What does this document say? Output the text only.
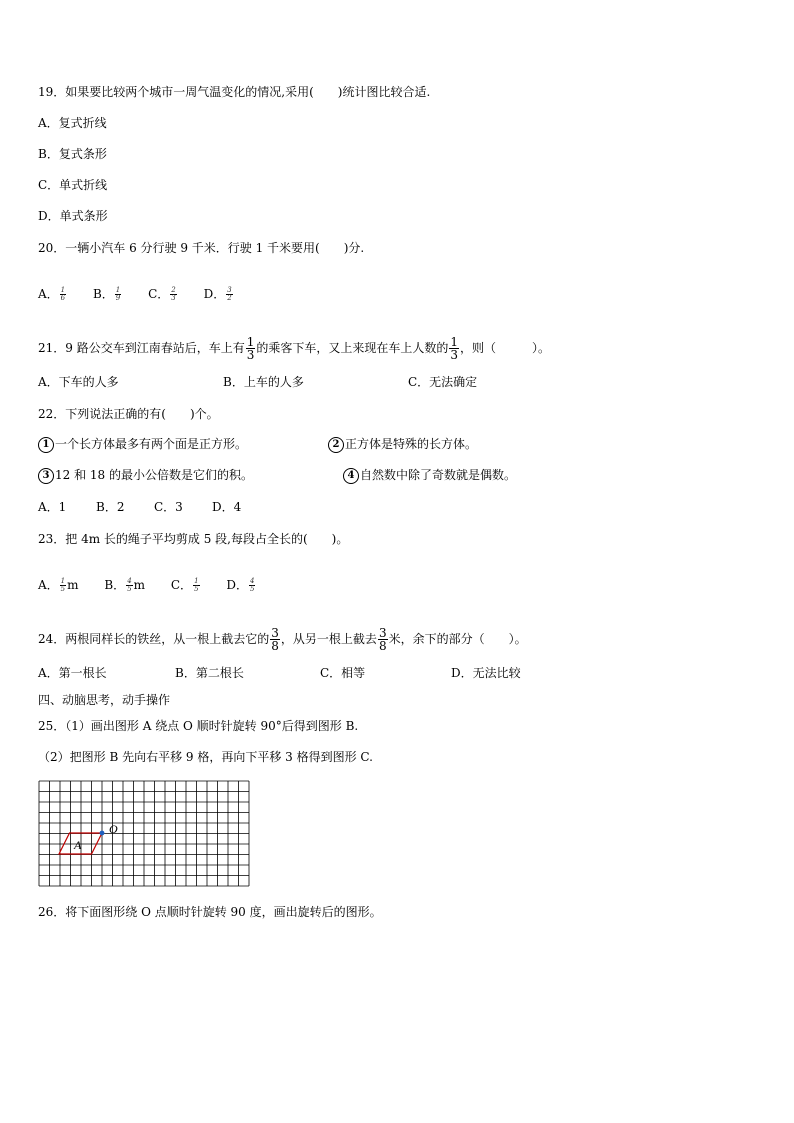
19．如果要比较两个城市一周气温变化的情况,采用(　　)统计图比较合适.
A．复式折线
B．复式条形
C．单式折线
D．单式条形
20．一辆小汽车 6 分行驶 9 千米．行驶 1 千米要用(　　)分.
A． $\frac{1}{6}$ B． $\frac{1}{9}$ C． $\frac{2}{3}$ D． $\frac{3}{2}$
21．9 路公交车到江南春站后，车上有 $\frac{1}{3}$ 的乘客下车，又上来现在车上人数的 $\frac{1}{3}$ ，则（　　　）。
A．下车的人多	B．上车的人多	C．无法确定
22．下列说法正确的有(　　)个。
1 一个长方体最多有两个面是正方形。	2 正方体是特殊的长方体。
3 12 和 18 的最小公倍数是它们的积。	4 自然数中除了奇数就是偶数。
A．1 B．2 C．3 D．4
23．把 4m 长的绳子平均剪成 5 段,每段占全长的(　　)。
A． $\frac{1}{5}$ m B． $\frac{4}{5}$ m C． $\frac{1}{5}$ D． $\frac{4}{5}$
24．两根同样长的铁丝，从一根上截去它的 $\frac{3}{8}$ ，从另一根上截去 $\frac{3}{8}$ 米，余下的部分（　　）。
A．第一根长	B．第二根长	C．相等	D．无法比较
四、动脑思考，动手操作
25．（1）画出图形 A 绕点 O 顺时针旋转 90°后得到图形 B.
（2）把图形 B 先向右平移 9 格，再向下平移 3 格得到图形 C.
O
A
26．将下面图形绕 O 点顺时针旋转 90 度，画出旋转后的图形。
